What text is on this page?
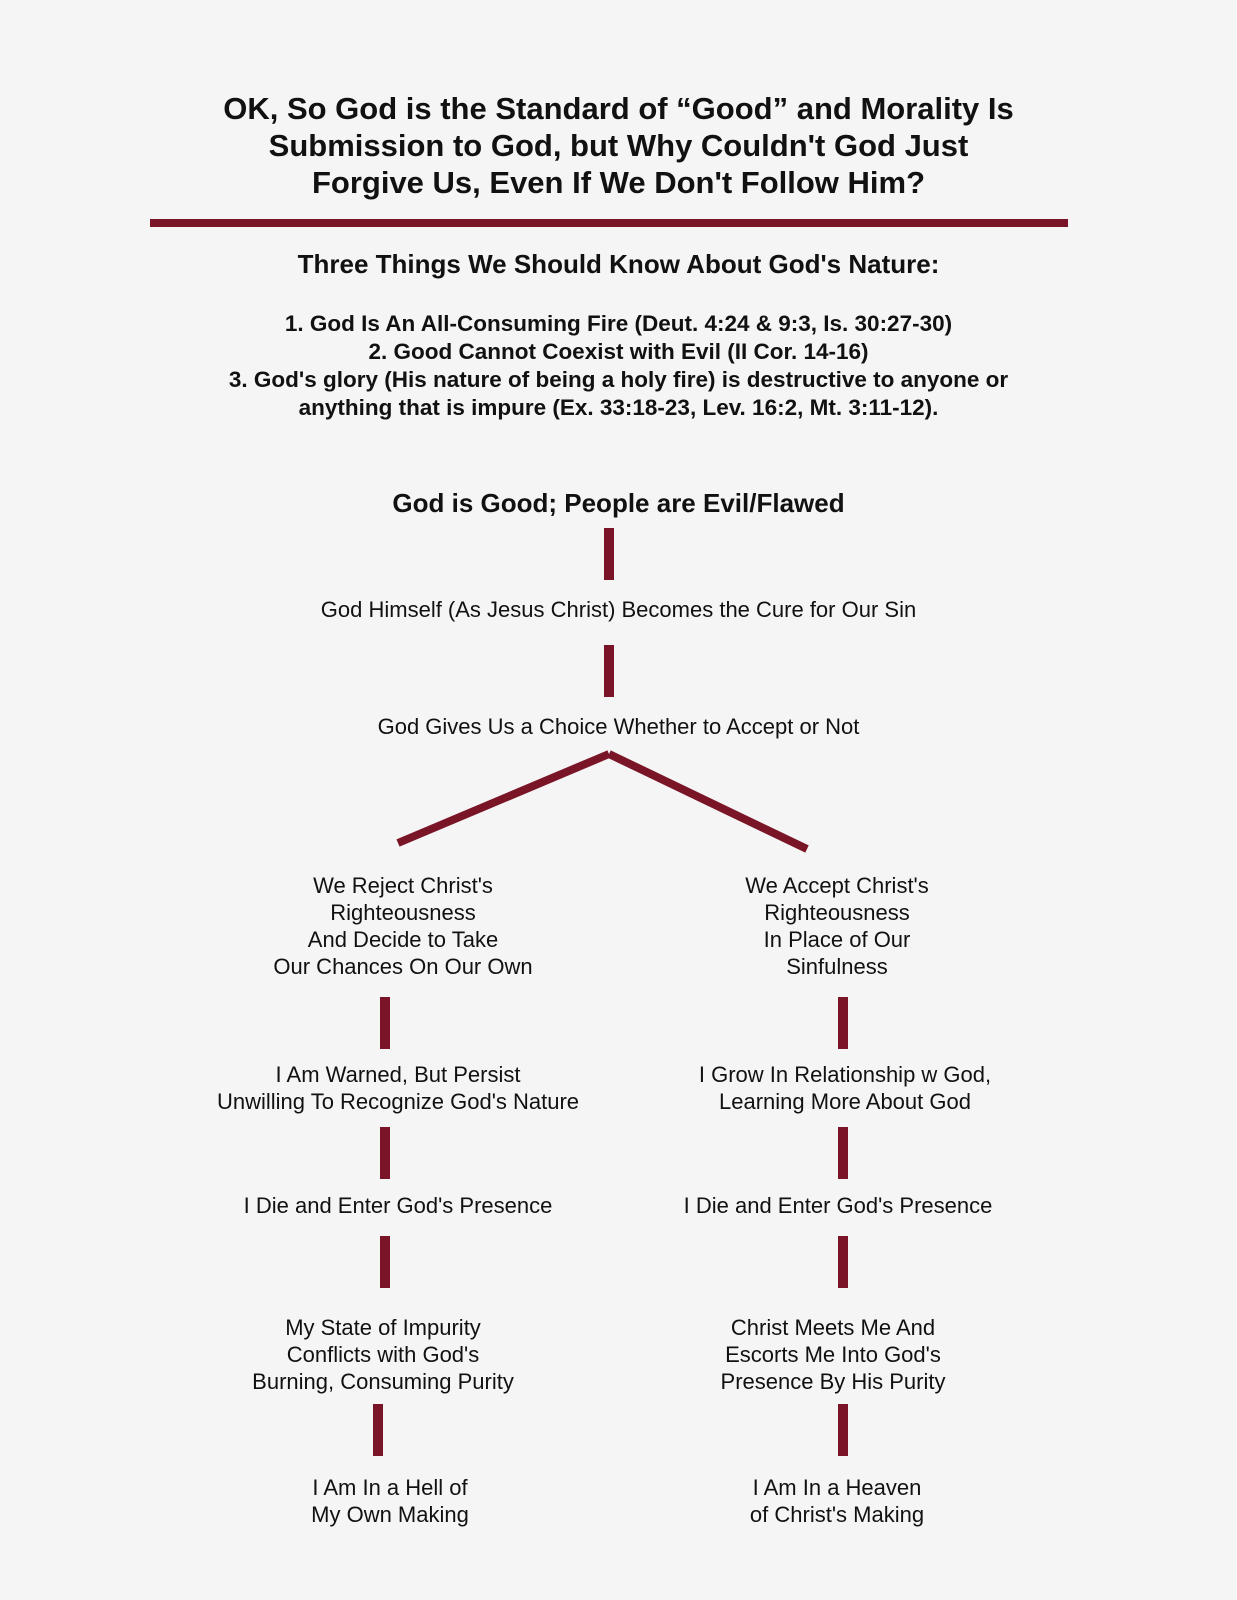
OK, So God is the Standard of “Good” and Morality Is
Submission to God, but Why Couldn't God Just
Forgive Us, Even If We Don't Follow Him?
Three Things We Should Know About God's Nature:
1. God Is An All-Consuming Fire (Deut. 4:24 & 9:3, Is. 30:27-30)
2. Good Cannot Coexist with Evil (II Cor. 14-16)
3. God's glory (His nature of being a holy fire) is destructive to anyone or
anything that is impure (Ex. 33:18-23, Lev. 16:2, Mt. 3:11-12).
God is Good; People are Evil/Flawed
God Himself (As Jesus Christ) Becomes the Cure for Our Sin
God Gives Us a Choice Whether to Accept or Not
We Reject Christ's
Righteousness
And Decide to Take
Our Chances On Our Own
I Am Warned, But Persist
Unwilling To Recognize God's Nature
I Die and Enter God's Presence
My State of Impurity
Conflicts with God's
Burning, Consuming Purity
I Am In a Hell of
My Own Making
We Accept Christ's
Righteousness
In Place of Our
Sinfulness
I Grow In Relationship w God,
Learning More About God
I Die and Enter God's Presence
Christ Meets Me And
Escorts Me Into God's
Presence By His Purity
I Am In a Heaven
of Christ's Making
